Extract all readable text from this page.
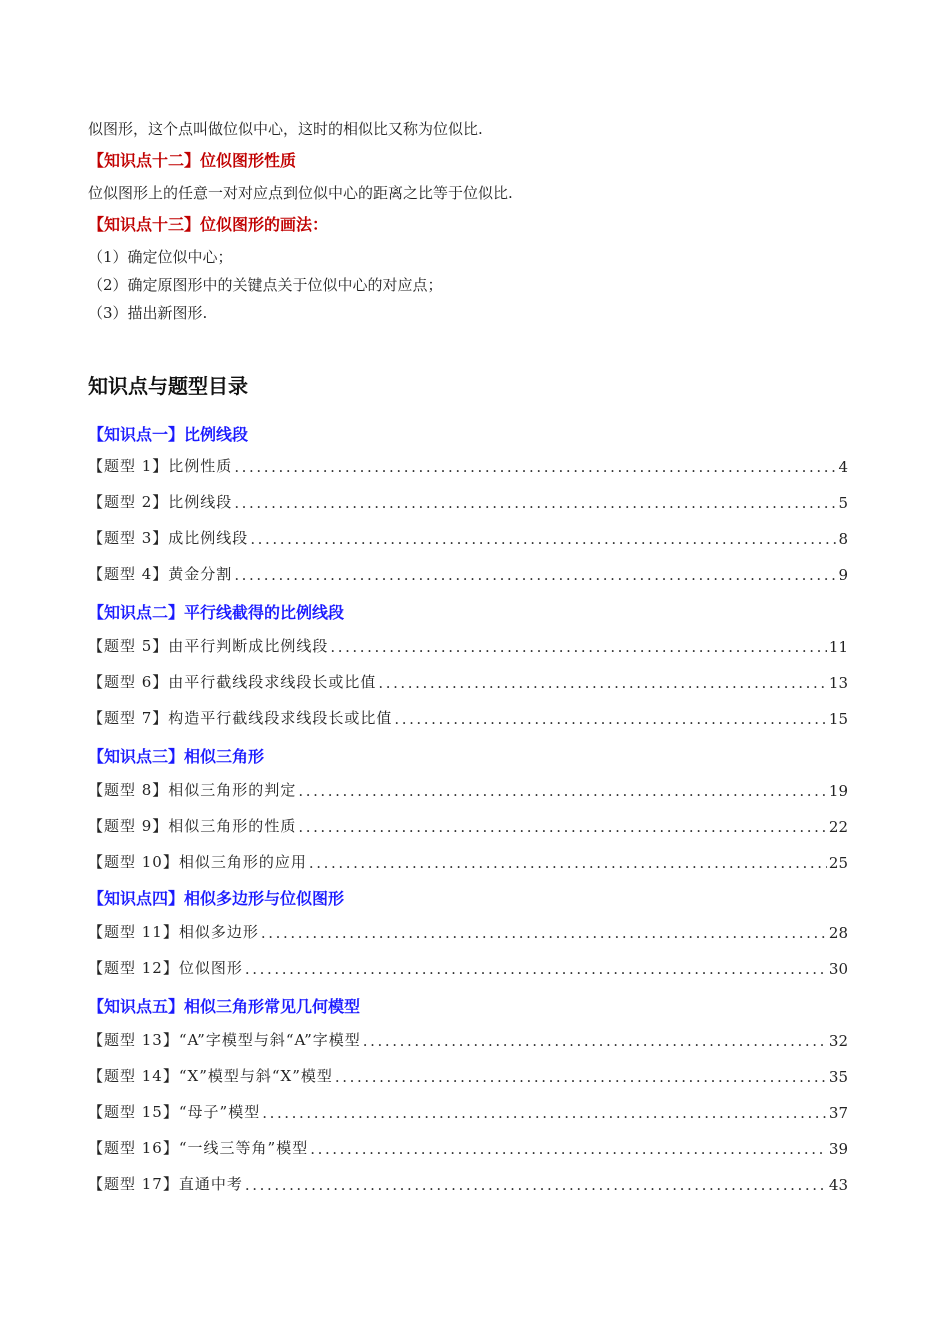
似图形，这个点叫做位似中心，这时的相似比又称为位似比.
【知识点十二】位似图形性质
位似图形上的任意一对对应点到位似中心的距离之比等于位似比.
【知识点十三】位似图形的画法：
（1）确定位似中心；
（2）确定原图形中的关键点关于位似中心的对应点；
（3）描出新图形.
知识点与题型目录
【知识点一】比例线段
【题型 1】比例性质 .....	4
【题型 2】比例线段 .....	5
【题型 3】成比例线段 .....	8
【题型 4】黄金分割 .....	9
【知识点二】平行线截得的比例线段
【题型 5】由平行判断成比例线段 .....	11
【题型 6】由平行截线段求线段长或比值 .....	13
【题型 7】构造平行截线段求线段长或比值 .....	15
【知识点三】相似三角形
【题型 8】相似三角形的判定 .....	19
【题型 9】相似三角形的性质 .....	22
【题型 10】相似三角形的应用 .....	25
【知识点四】相似多边形与位似图形
【题型 11】相似多边形 .....	28
【题型 12】位似图形 .....	30
【知识点五】相似三角形常见几何模型
【题型 13】“A”字模型与斜“A”字模型 .....	32
【题型 14】“X”模型与斜“X”模型 .....	35
【题型 15】“母子”模型 .....	37
【题型 16】“一线三等角”模型 .....	39
【题型 17】直通中考 .....	43
